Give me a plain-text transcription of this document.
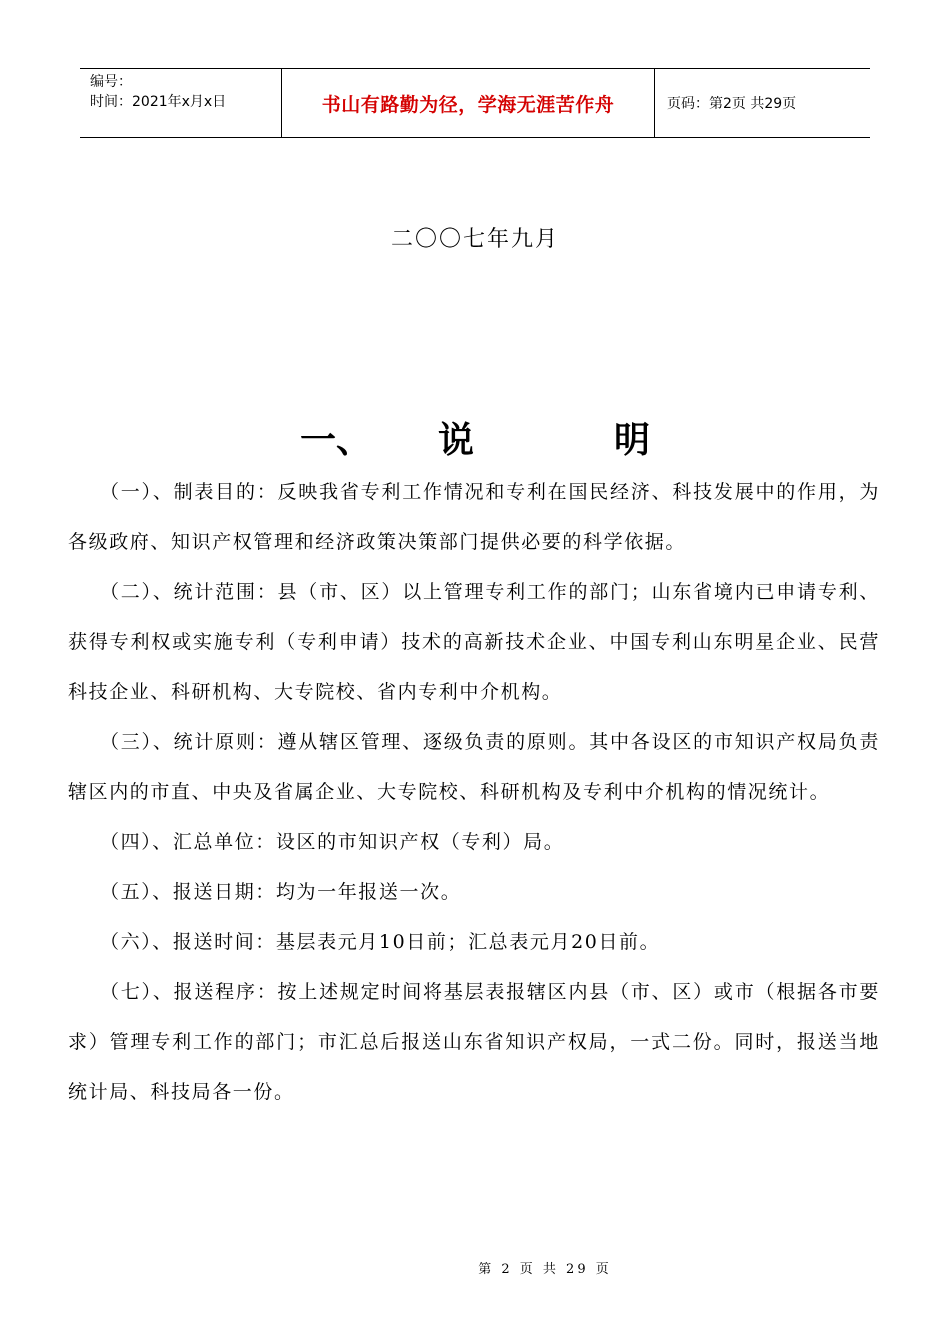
编号：
时间：2021年x月x日	书山有路勤为径，学海无涯苦作舟	页码：第2页 共29页
二〇〇七年九月
一、 说	明

（一）、制表目的：反映我省专利工作情况和专利在国民经济、科技发展中的作用，为各级政府、知识产权管理和经济政策决策部门提供必要的科学依据。

（二）、统计范围：县（市、区）以上管理专利工作的部门；山东省境内已申请专利、获得专利权或实施专利（专利申请）技术的高新技术企业、中国专利山东明星企业、民营科技企业、科研机构、大专院校、省内专利中介机构。

（三）、统计原则：遵从辖区管理、逐级负责的原则。其中各设区的市知识产权局负责辖区内的市直、中央及省属企业、大专院校、科研机构及专利中介机构的情况统计。

（四）、汇总单位：设区的市知识产权（专利）局。

（五）、报送日期：均为一年报送一次。

（六）、报送时间：基层表元月10日前；汇总表元月20日前。

（七）、报送程序：按上述规定时间将基层表报辖区内县（市、区）或市（根据各市要求）管理专利工作的部门；市汇总后报送山东省知识产权局，一式二份。同时，报送当地统计局、科技局各一份。

第 2 页 共 29 页
